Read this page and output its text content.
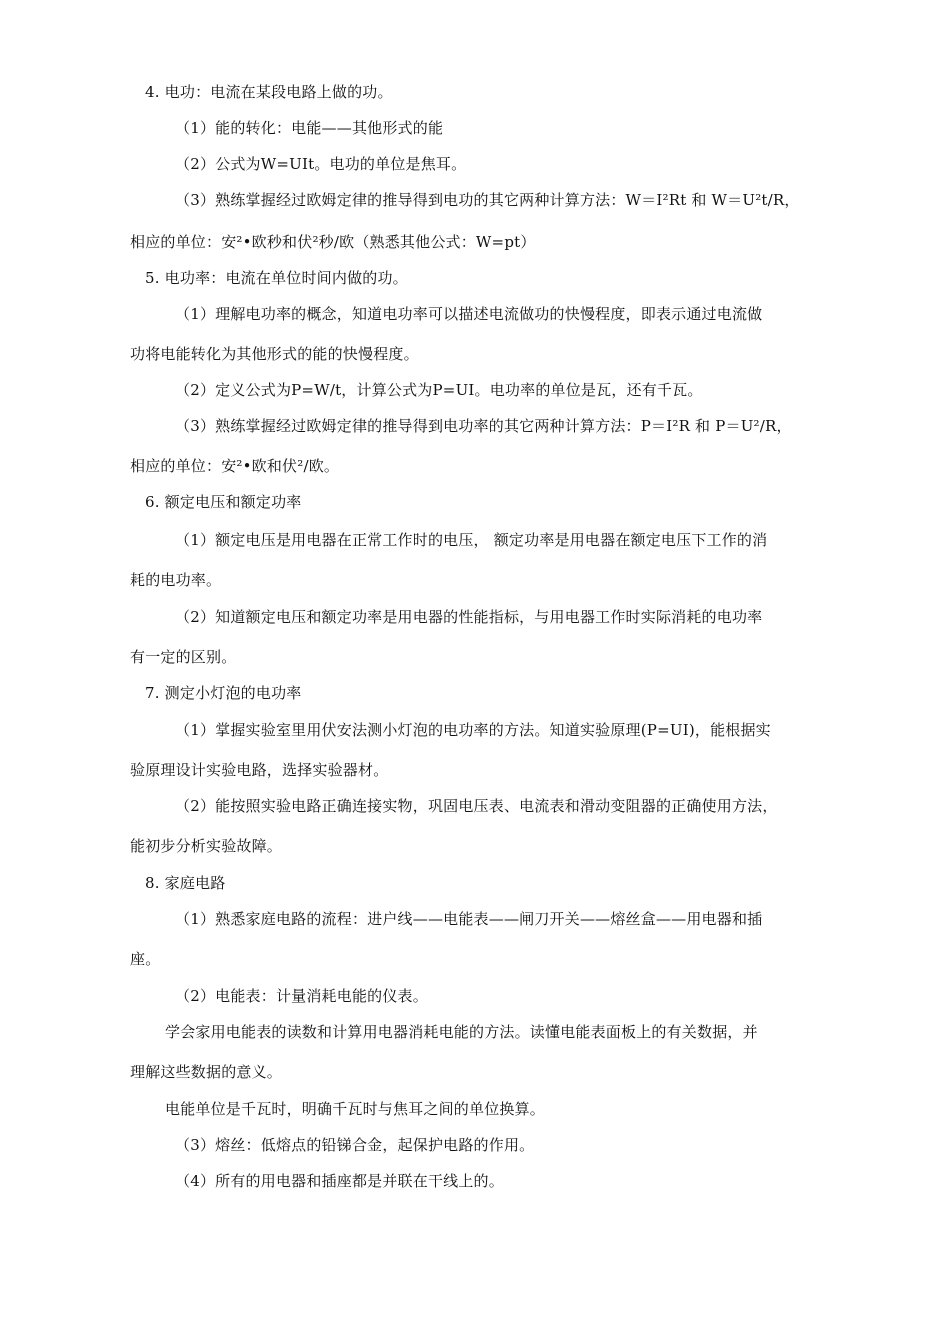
4. 电功：电流在某段电路上做的功。
（1）能的转化：电能——其他形式的能
（2）公式为W=UIt。电功的单位是焦耳。
（3）熟练掌握经过欧姆定律的推导得到电功的其它两种计算方法：W＝I²Rt 和 W＝U²t/R，
相应的单位：安²•欧秒和伏²秒/欧（熟悉其他公式：W=pt）
5. 电功率：电流在单位时间内做的功。
（1）理解电功率的概念，知道电功率可以描述电流做功的快慢程度，即表示通过电流做
功将电能转化为其他形式的能的快慢程度。
（2）定义公式为P=W/t，计算公式为P=UI。电功率的单位是瓦，还有千瓦。
（3）熟练掌握经过欧姆定律的推导得到电功率的其它两种计算方法：P＝I²R 和 P＝U²/R，
相应的单位：安²•欧和伏²/欧。
6. 额定电压和额定功率
（1）额定电压是用电器在正常工作时的电压， 额定功率是用电器在额定电压下工作的消
耗的电功率。
（2）知道额定电压和额定功率是用电器的性能指标，与用电器工作时实际消耗的电功率
有一定的区别。
7. 测定小灯泡的电功率
（1）掌握实验室里用伏安法测小灯泡的电功率的方法。知道实验原理(P=UI)，能根据实
验原理设计实验电路，选择实验器材。
（2）能按照实验电路正确连接实物，巩固电压表、电流表和滑动变阻器的正确使用方法，
能初步分析实验故障。
8. 家庭电路
（1）熟悉家庭电路的流程：进户线——电能表——闸刀开关——熔丝盒——用电器和插
座。
（2）电能表：计量消耗电能的仪表。
学会家用电能表的读数和计算用电器消耗电能的方法。读懂电能表面板上的有关数据，并
理解这些数据的意义。
电能单位是千瓦时，明确千瓦时与焦耳之间的单位换算。
（3）熔丝：低熔点的铅锑合金，起保护电路的作用。
（4）所有的用电器和插座都是并联在干线上的。
